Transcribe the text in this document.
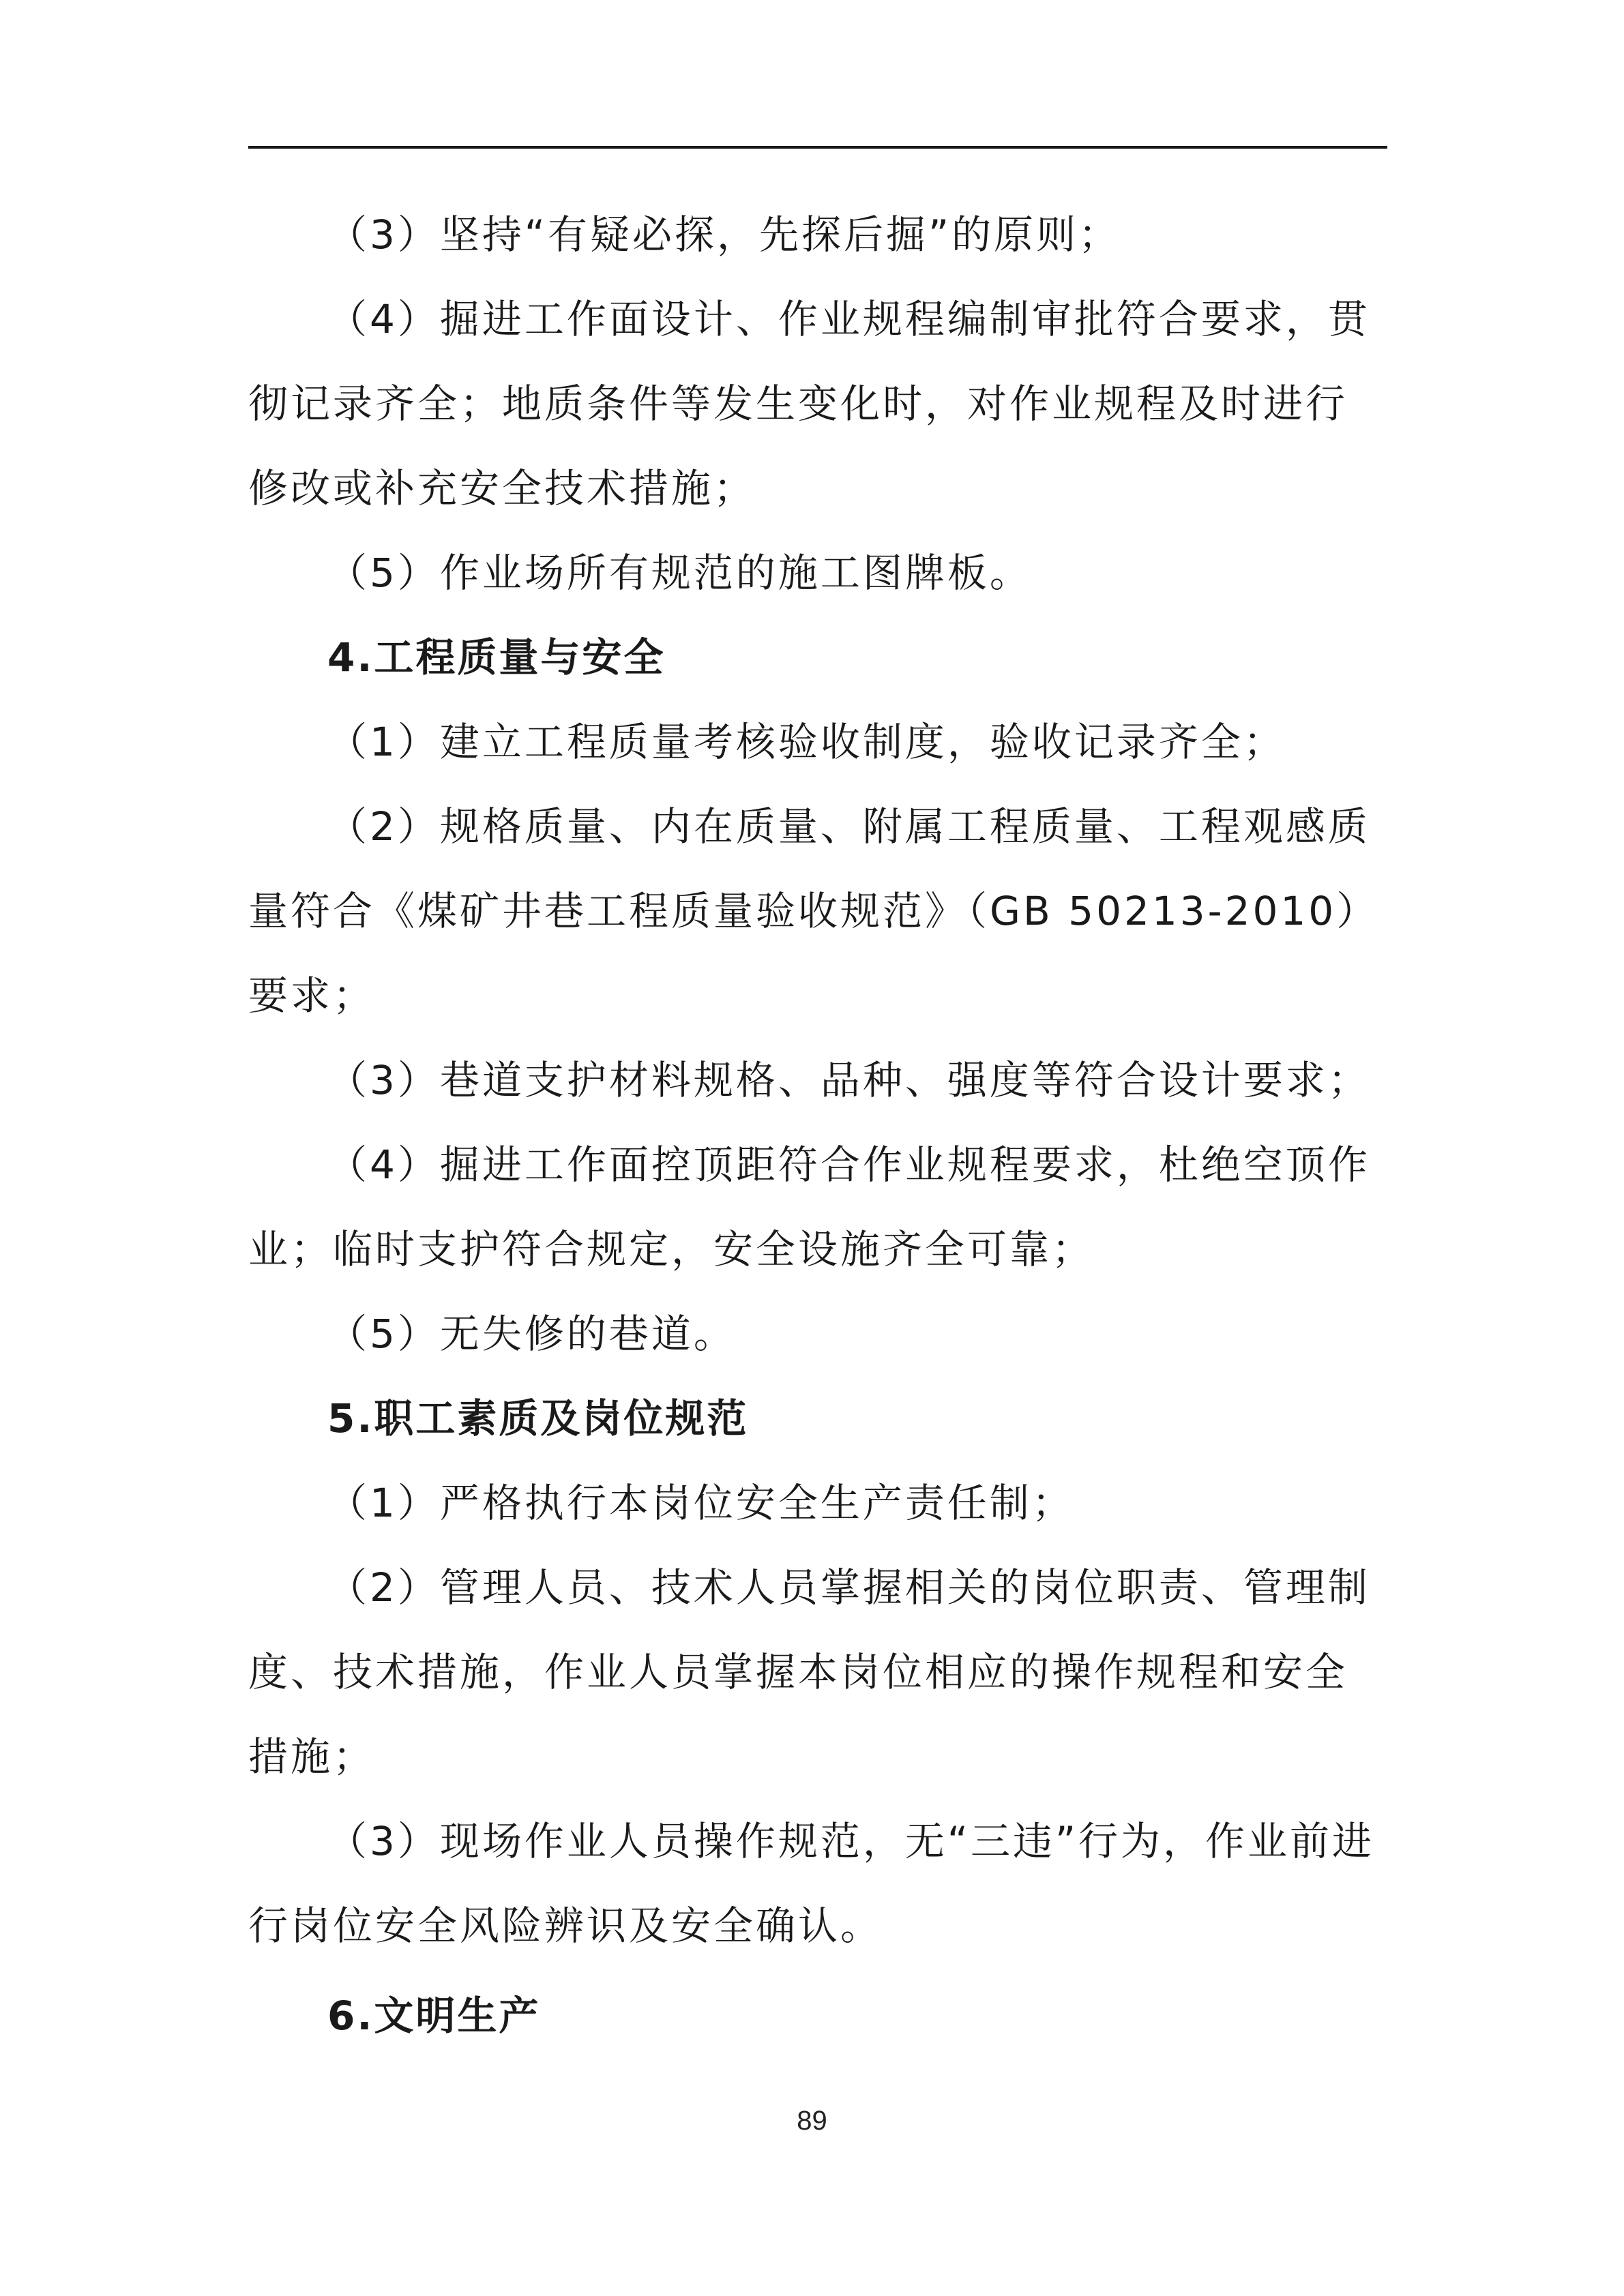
（3）坚持“有疑必探，先探后掘”的原则；

（4）掘进工作面设计、作业规程编制审批符合要求，贯彻记录齐全；地质条件等发生变化时，对作业规程及时进行修改或补充安全技术措施；

（5）作业场所有规范的施工图牌板。

4.工程质量与安全

（1）建立工程质量考核验收制度，验收记录齐全；

（2）规格质量、内在质量、附属工程质量、工程观感质量符合《煤矿井巷工程质量验收规范》（GB 50213-2010）要求；

（3）巷道支护材料规格、品种、强度等符合设计要求；

（4）掘进工作面控顶距符合作业规程要求，杜绝空顶作业；临时支护符合规定，安全设施齐全可靠；

（5）无失修的巷道。

5.职工素质及岗位规范

（1）严格执行本岗位安全生产责任制；

（2）管理人员、技术人员掌握相关的岗位职责、管理制度、技术措施，作业人员掌握本岗位相应的操作规程和安全措施；

（3）现场作业人员操作规范，无“三违”行为，作业前进行岗位安全风险辨识及安全确认。

6.文明生产

89
